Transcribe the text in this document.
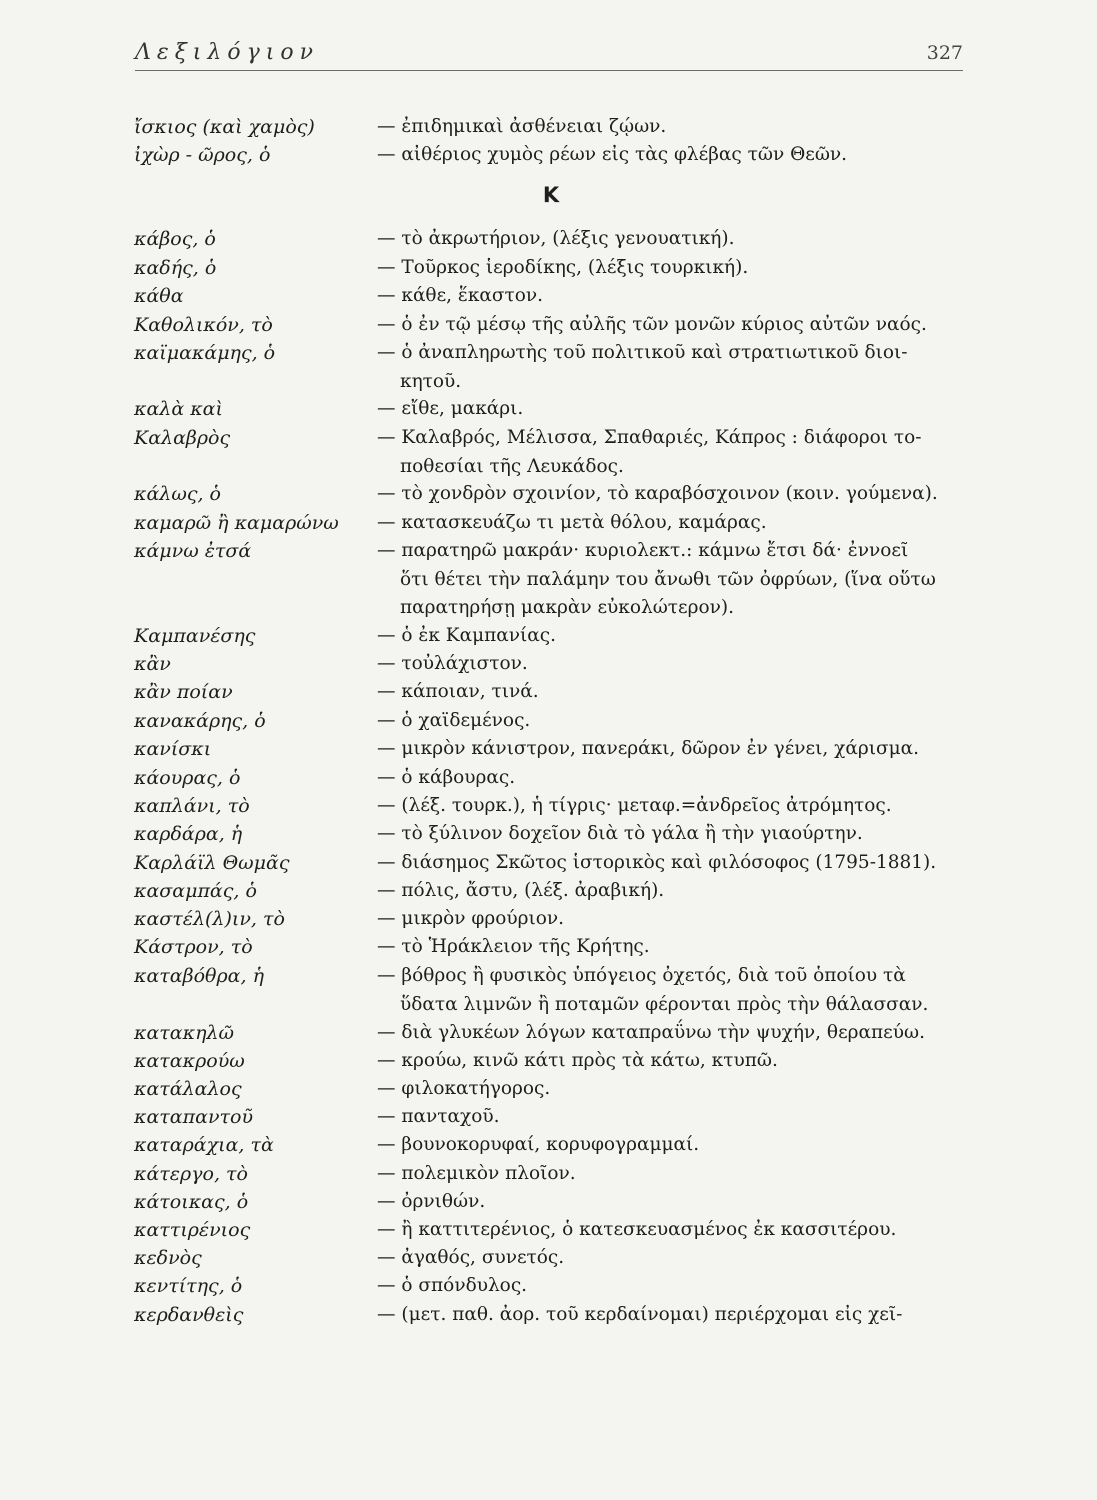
Λεξιλόγιον	327
Κ
ἴσκιος (καὶ χαμὸς)	— ἐπιδημικαὶ ἀσθένειαι ζῴων.
ἰχὼρ - ῶρος, ὁ	— αἰθέριος χυμὸς ρέων εἰς τὰς φλέβας τῶν Θεῶν.
κάβος, ὁ	— τὸ ἀκρωτήριον, (λέξις γενουατική).
καδής, ὁ	— Τοῦρκος ἱεροδίκης, (λέξις τουρκική).
κάθα	— κάθε, ἕκαστον.
Καθολικόν, τὸ	— ὁ ἐν τῷ μέσῳ τῆς αὐλῆς τῶν μονῶν κύριος αὐτῶν ναός.
καϊμακάμης, ὁ	— ὁ ἀναπληρωτὴς τοῦ πολιτικοῦ καὶ στρατιωτικοῦ διοι-
κητοῦ.
καλὰ καὶ	— εἴθε, μακάρι.
Καλαβρὸς	— Καλαβρός, Μέλισσα, Σπαθαριές, Κάπρος : διάφοροι το-
ποθεσίαι τῆς Λευκάδος.
κάλως, ὁ	— τὸ χονδρὸν σχοινίον, τὸ καραβόσχοινον (κοιν. γούμενα).
καμαρῶ ἢ καμαρώνω	— κατασκευάζω τι μετὰ θόλου, καμάρας.
κάμνω ἐτσά	— παρατηρῶ μακράν· κυριολεκτ.: κάμνω ἔτσι δά· ἐννοεῖ
ὅτι θέτει τὴν παλάμην του ἄνωθι τῶν ὀφρύων, (ἵνα οὕτω
παρατηρήσῃ μακρὰν εὐκολώτερον).
Καμπανέσης	— ὁ ἐκ Καμπανίας.
κἂν	— τοὐλάχιστον.
κἂν ποίαν	— κάποιαν, τινά.
κανακάρης, ὁ	— ὁ χαϊδεμένος.
κανίσκι	— μικρὸν κάνιστρον, πανεράκι, δῶρον ἐν γένει, χάρισμα.
κάουρας, ὁ	— ὁ κάβουρας.
καπλάνι, τὸ	— (λέξ. τουρκ.), ἡ τίγρις· μεταφ.=ἀνδρεῖος ἀτρόμητος.
καρδάρα, ἡ	— τὸ ξύλινον δοχεῖον διὰ τὸ γάλα ἢ τὴν γιαούρτην.
Καρλάϊλ Θωμᾶς	— διάσημος Σκῶτος ἱστορικὸς καὶ φιλόσοφος (1795-1881).
κασαμπάς, ὁ	— πόλις, ἄστυ, (λέξ. ἀραβική).
καστέλ(λ)ιν, τὸ	— μικρὸν φρούριον.
Κάστρον, τὸ	— τὸ Ἡράκλειον τῆς Κρήτης.
καταβόθρα, ἡ	— βόθρος ἢ φυσικὸς ὑπόγειος ὀχετός, διὰ τοῦ ὁποίου τὰ
ὕδατα λιμνῶν ἢ ποταμῶν φέρονται πρὸς τὴν θάλασσαν.
κατακηλῶ	— διὰ γλυκέων λόγων καταπραΰνω τὴν ψυχήν, θεραπεύω.
κατακρούω	— κρούω, κινῶ κάτι πρὸς τὰ κάτω, κτυπῶ.
κατάλαλος	— φιλοκατήγορος.
καταπαντοῦ	— πανταχοῦ.
καταράχια, τὰ	— βουνοκορυφαί, κορυφογραμμαί.
κάτεργο, τὸ	— πολεμικὸν πλοῖον.
κάτοικας, ὁ	— ὀρνιθών.
καττιρένιος	— ἢ καττιτερένιος, ὁ κατεσκευασμένος ἐκ κασσιτέρου.
κεδνὸς	— ἀγαθός, συνετός.
κεντίτης, ὁ	— ὁ σπόνδυλος.
κερδανθεὶς	— (μετ. παθ. ἀορ. τοῦ κερδαίνομαι) περιέρχομαι εἰς χεῖ-
